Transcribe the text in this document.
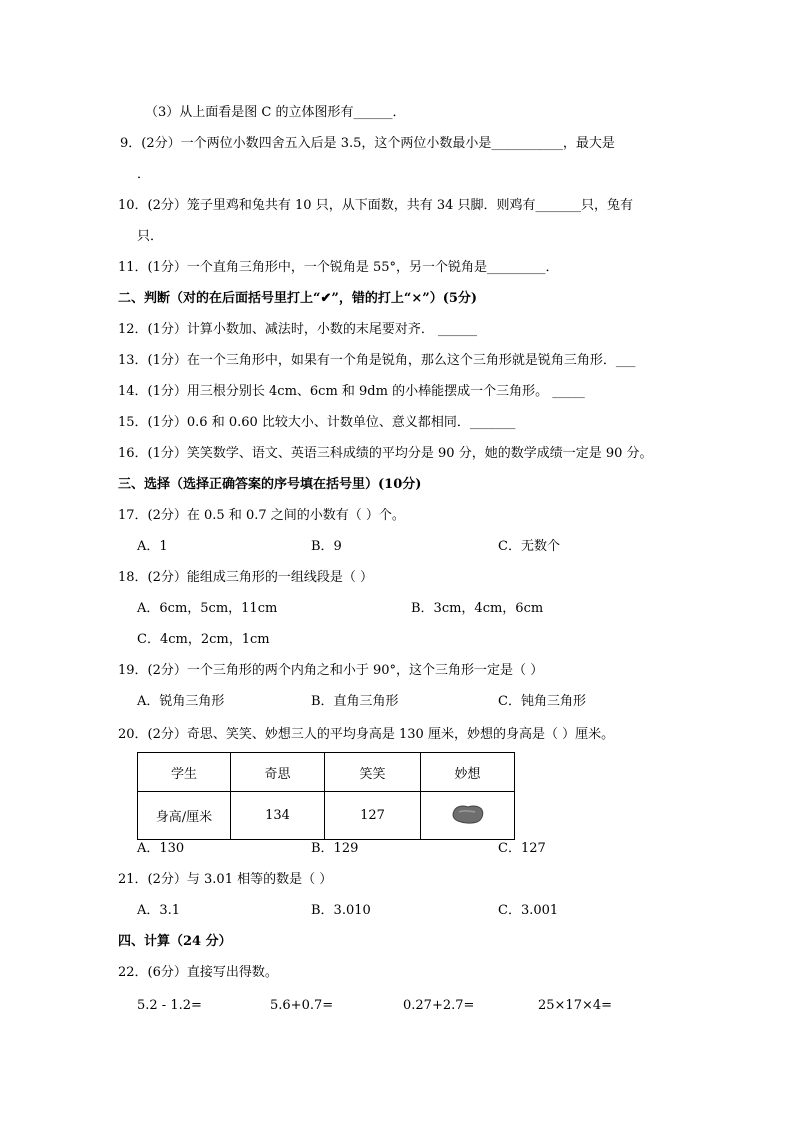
（3）从上面看是图 C 的立体图形有______．
9．(2分）一个两位小数四舍五入后是 3.5，这个两位小数最小是___________，最大是
．
10．(2分）笼子里鸡和兔共有 10 只，从下面数，共有 34 只脚．则鸡有_______只，兔有
只．
11．(1分）一个直角三角形中，一个锐角是 55°，另一个锐角是_________．
二、判断（对的在后面括号里打上“✔”，错的打上“×”）(5分)
12．(1分）计算小数加、减法时，小数的末尾要对齐． ______
13．(1分）在一个三角形中，如果有一个角是锐角，那么这个三角形就是锐角三角形．___
14．(1分）用三根分别长 4cm、6cm 和 9dm 的小棒能摆成一个三角形。 _____
15．(1分）0.6 和 0.60 比较大小、计数单位、意义都相同．_______
16．(1分）笑笑数学、语文、英语三科成绩的平均分是 90 分，她的数学成绩一定是 90 分。
三、选择（选择正确答案的序号填在括号里）(10分)
17．(2分）在 0.5 和 0.7 之间的小数有（ ）个。
A．1	B．9	C．无数个
18．(2分）能组成三角形的一组线段是（ ）
A．6cm，5cm，11cm	B．3cm，4cm，6cm
C．4cm，2cm，1cm
19．(2分）一个三角形的两个内角之和小于 90°，这个三角形一定是（ ）
A．锐角三角形	B．直角三角形	C．钝角三角形
20．(2分）奇思、笑笑、妙想三人的平均身高是 130 厘米，妙想的身高是（ ）厘米。
学生	奇思	笑笑	妙想
身高/厘米	134	127	
A．130	B．129	C．127
21．(2分）与 3.01 相等的数是（ ）
A．3.1	B．3.010	C．3.001
四、计算（24 分）
22．(6分）直接写出得数。
5.2 - 1.2=	5.6+0.7=	0.27+2.7=	25×17×4=
